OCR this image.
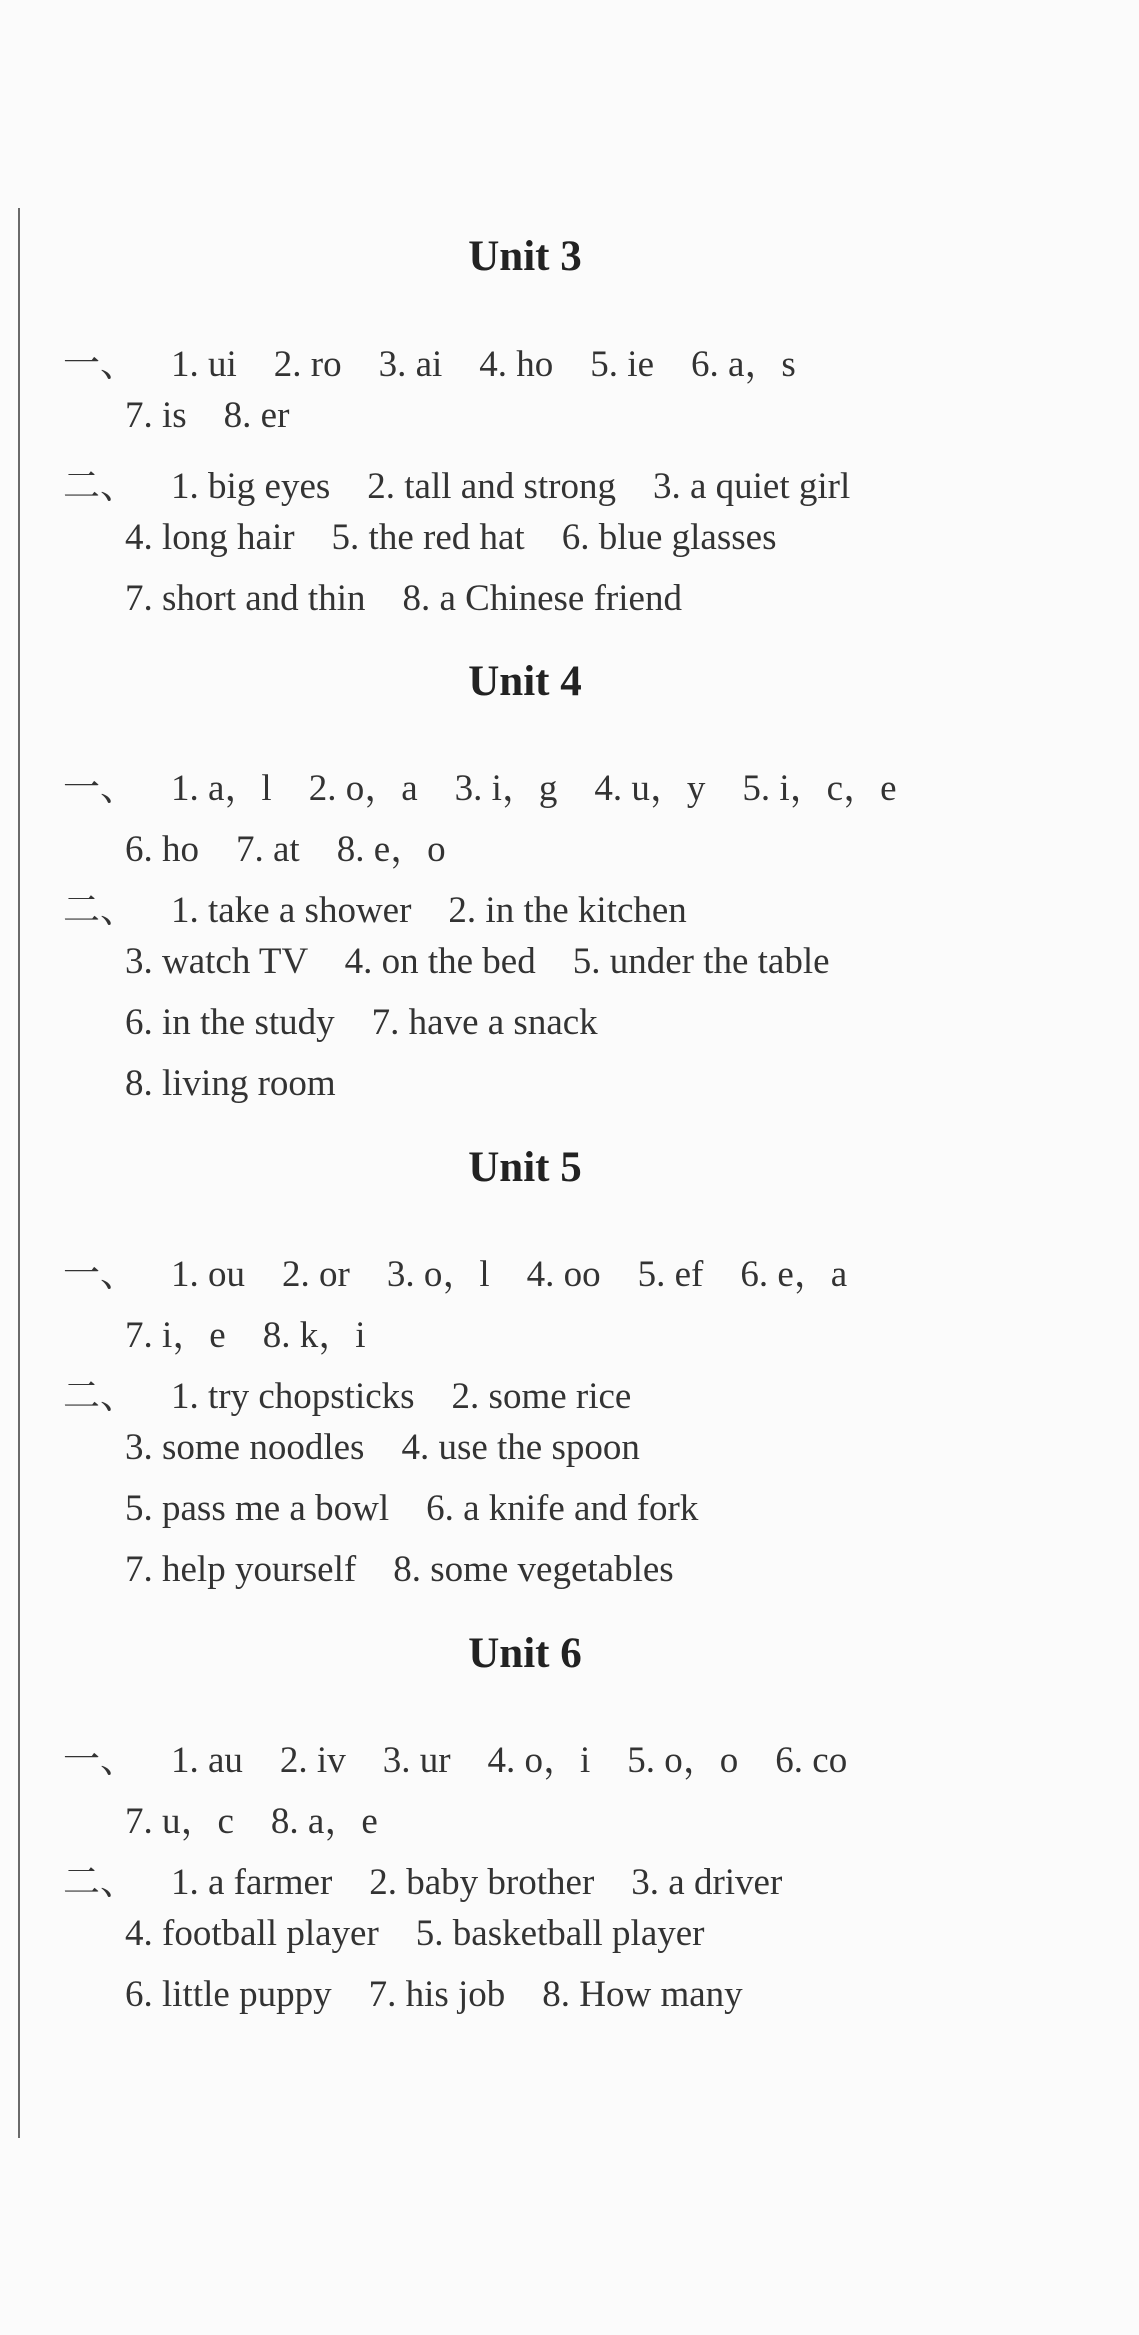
Unit 3
一、 1. ui    2. ro    3. ai    4. ho    5. ie    6. a，s
7. is    8. er
二、 1. big eyes    2. tall and strong    3. a quiet girl
4. long hair    5. the red hat    6. blue glasses
7. short and thin    8. a Chinese friend
Unit 4
一、 1. a，l    2. o，a    3. i，g    4. u，y    5. i，c，e
6. ho    7. at    8. e，o
二、 1. take a shower    2. in the kitchen
3. watch TV    4. on the bed    5. under the table
6. in the study    7. have a snack
8. living room
Unit 5
一、 1. ou    2. or    3. o，l    4. oo    5. ef    6. e，a
7. i，e    8. k，i
二、 1. try chopsticks    2. some rice
3. some noodles    4. use the spoon
5. pass me a bowl    6. a knife and fork
7. help yourself    8. some vegetables
Unit 6
一、 1. au    2. iv    3. ur    4. o，i    5. o，o    6. co
7. u，c    8. a，e
二、 1. a farmer    2. baby brother    3. a driver
4. football player    5. basketball player
6. little puppy    7. his job    8. How many
